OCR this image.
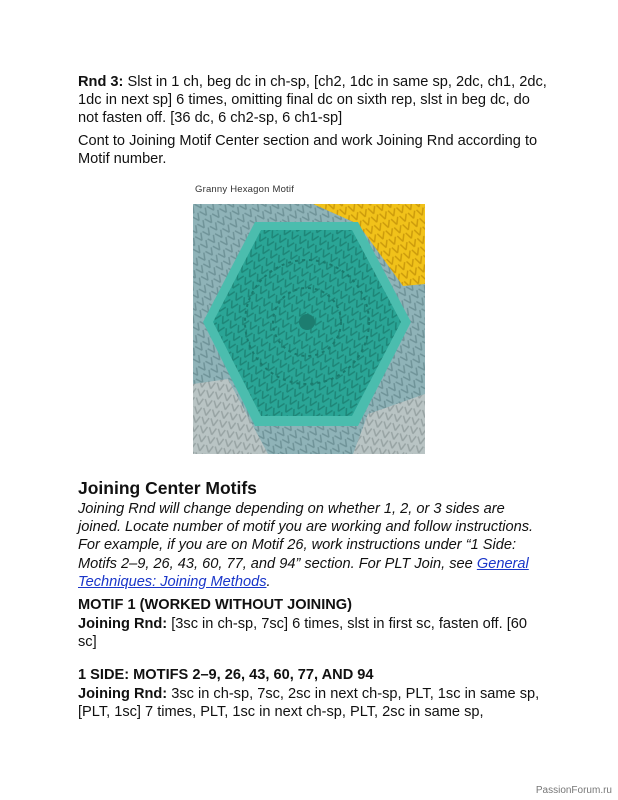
Rnd 3: Slst in 1 ch, beg dc in ch-sp, [ch2, 1dc in same sp, 2dc, ch1, 2dc, 1dc in next sp] 6 times, omitting final dc on sixth rep, slst in beg dc, do not fasten off. [36 dc, 6 ch2-sp, 6 ch1-sp]

Cont to Joining Motif Center section and work Joining Rnd according to Motif number.

Granny Hexagon Motif
Joining Center Motifs

Joining Rnd will change depending on whether 1, 2, or 3 sides are joined. Locate number of motif you are working and follow instructions. For example, if you are on Motif 26, work instructions under “1 Side: Motifs 2–9, 26, 43, 60, 77, and 94” section. For PLT Join, see General Techniques: Joining Methods.

MOTIF 1 (WORKED WITHOUT JOINING)

Joining Rnd: [3sc in ch-sp, 7sc] 6 times, slst in first sc, fasten off. [60 sc]

1 SIDE: MOTIFS 2–9, 26, 43, 60, 77, AND 94

Joining Rnd: 3sc in ch-sp, 7sc, 2sc in next ch-sp, PLT, 1sc in same sp, [PLT, 1sc] 7 times, PLT, 1sc in next ch-sp, PLT, 2sc in same sp,

PassionForum.ru
